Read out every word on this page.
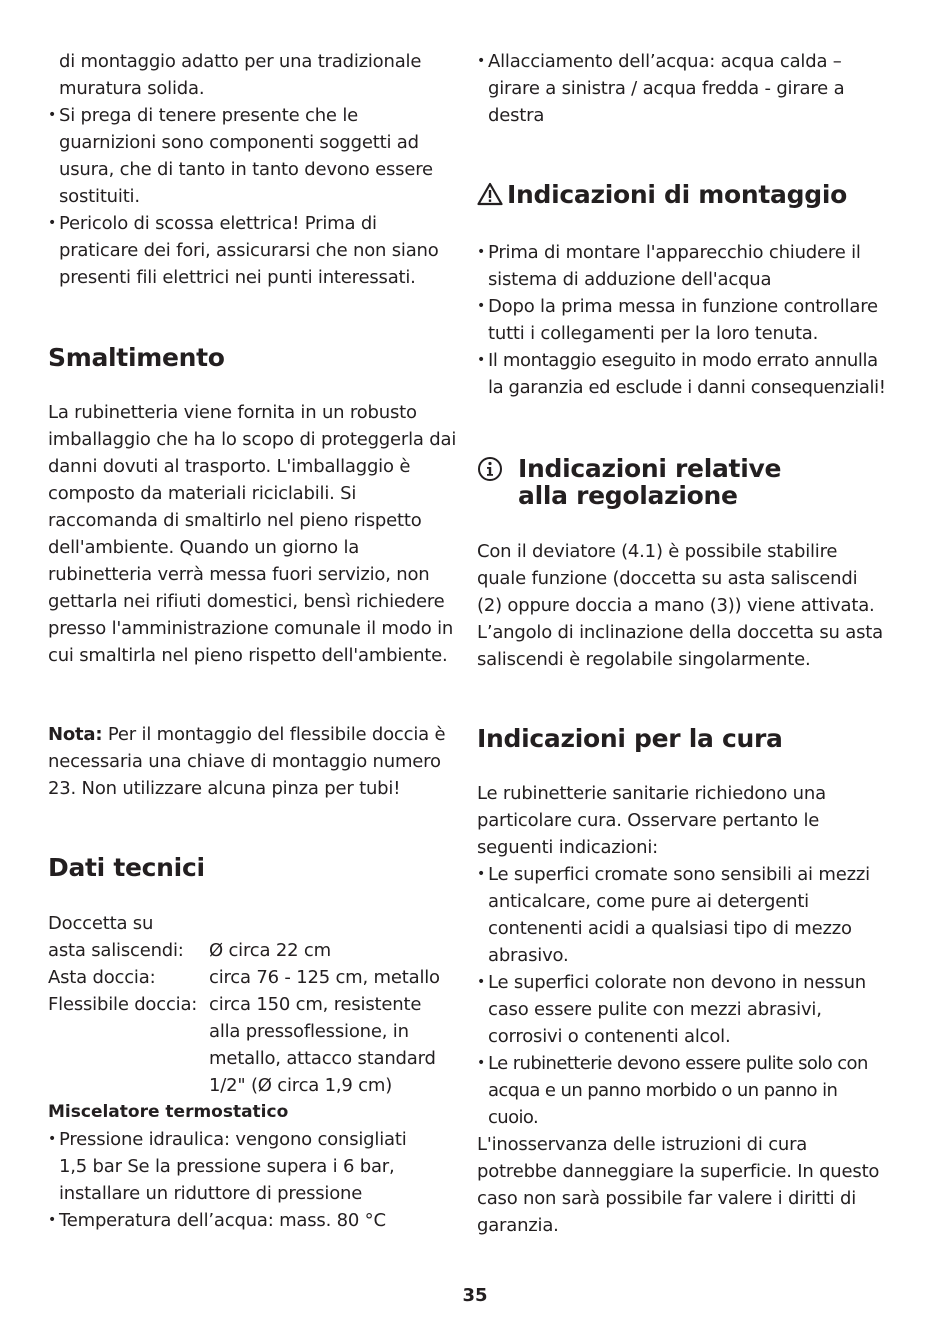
di montaggio adatto per una tradizionale muratura solida.
• Si prega di tenere presente che le guarnizioni sono componenti soggetti ad usura, che di tanto in tanto devono essere sostituiti.
• Pericolo di scossa elettrica! Prima di praticare dei fori, assicurarsi che non siano presenti fili elettrici nei punti interessati.
Smaltimento

La rubinetteria viene fornita in un robusto imballaggio che ha lo scopo di proteggerla dai danni dovuti al trasporto. L'imballaggio è composto da materiali riciclabili. Si raccomanda di smaltirlo nel pieno rispetto dell'ambiente. Quando un giorno la rubinetteria verrà messa fuori servizio, non gettarla nei rifiuti domestici, bensì richiedere presso l'amministrazione comunale il modo in cui smaltirla nel pieno rispetto dell'ambiente.

Nota: Per il montaggio del flessibile doccia è necessaria una chiave di montaggio numero 23. Non utilizzare alcuna pinza per tubi!

Dati tecnici
Doccetta su
asta saliscendi:	Ø circa 22 cm
Asta doccia:	circa 76 - 125 cm, metallo
Flessibile doccia: circa 150 cm, resistente alla pressoflessione, in metallo, attacco standard 1/2" (Ø circa 1,9 cm)
Miscelatore termostatico
• Pressione idraulica: vengono consigliati 1,5 bar Se la pressione supera i 6 bar, installare un riduttore di pressione
• Temperatura dell’acqua: mass. 80 °C
• Allacciamento dell’acqua: acqua calda – girare a sinistra / acqua fredda - girare a destra
Indicazioni di montaggio
• Prima di montare l'apparecchio chiudere il sistema di adduzione dell'acqua
• Dopo la prima messa in funzione controllare tutti i collegamenti per la loro tenuta.
• Il montaggio eseguito in modo errato annulla la garanzia ed esclude i danni consequenziali!
Indicazioni relative alla regolazione

Con il deviatore (4.1) è possibile stabilire quale funzione (doccetta su asta saliscendi (2) oppure doccia a mano (3)) viene attivata. L’angolo di inclinazione della doccetta su asta saliscendi è regolabile singolarmente.

Indicazioni per la cura

Le rubinetterie sanitarie richiedono una particolare cura. Osservare pertanto le seguenti indicazioni:

• Le superfici cromate sono sensibili ai mezzi anticalcare, come pure ai detergenti contenenti acidi a qualsiasi tipo di mezzo abrasivo.
• Le superfici colorate non devono in nessun caso essere pulite con mezzi abrasivi, corrosivi o contenenti alcol.
• Le rubinetterie devono essere pulite solo con acqua e un panno morbido o un panno in cuoio.

L'inosservanza delle istruzioni di cura potrebbe danneggiare la superficie. In questo caso non sarà possibile far valere i diritti di garanzia.

35
